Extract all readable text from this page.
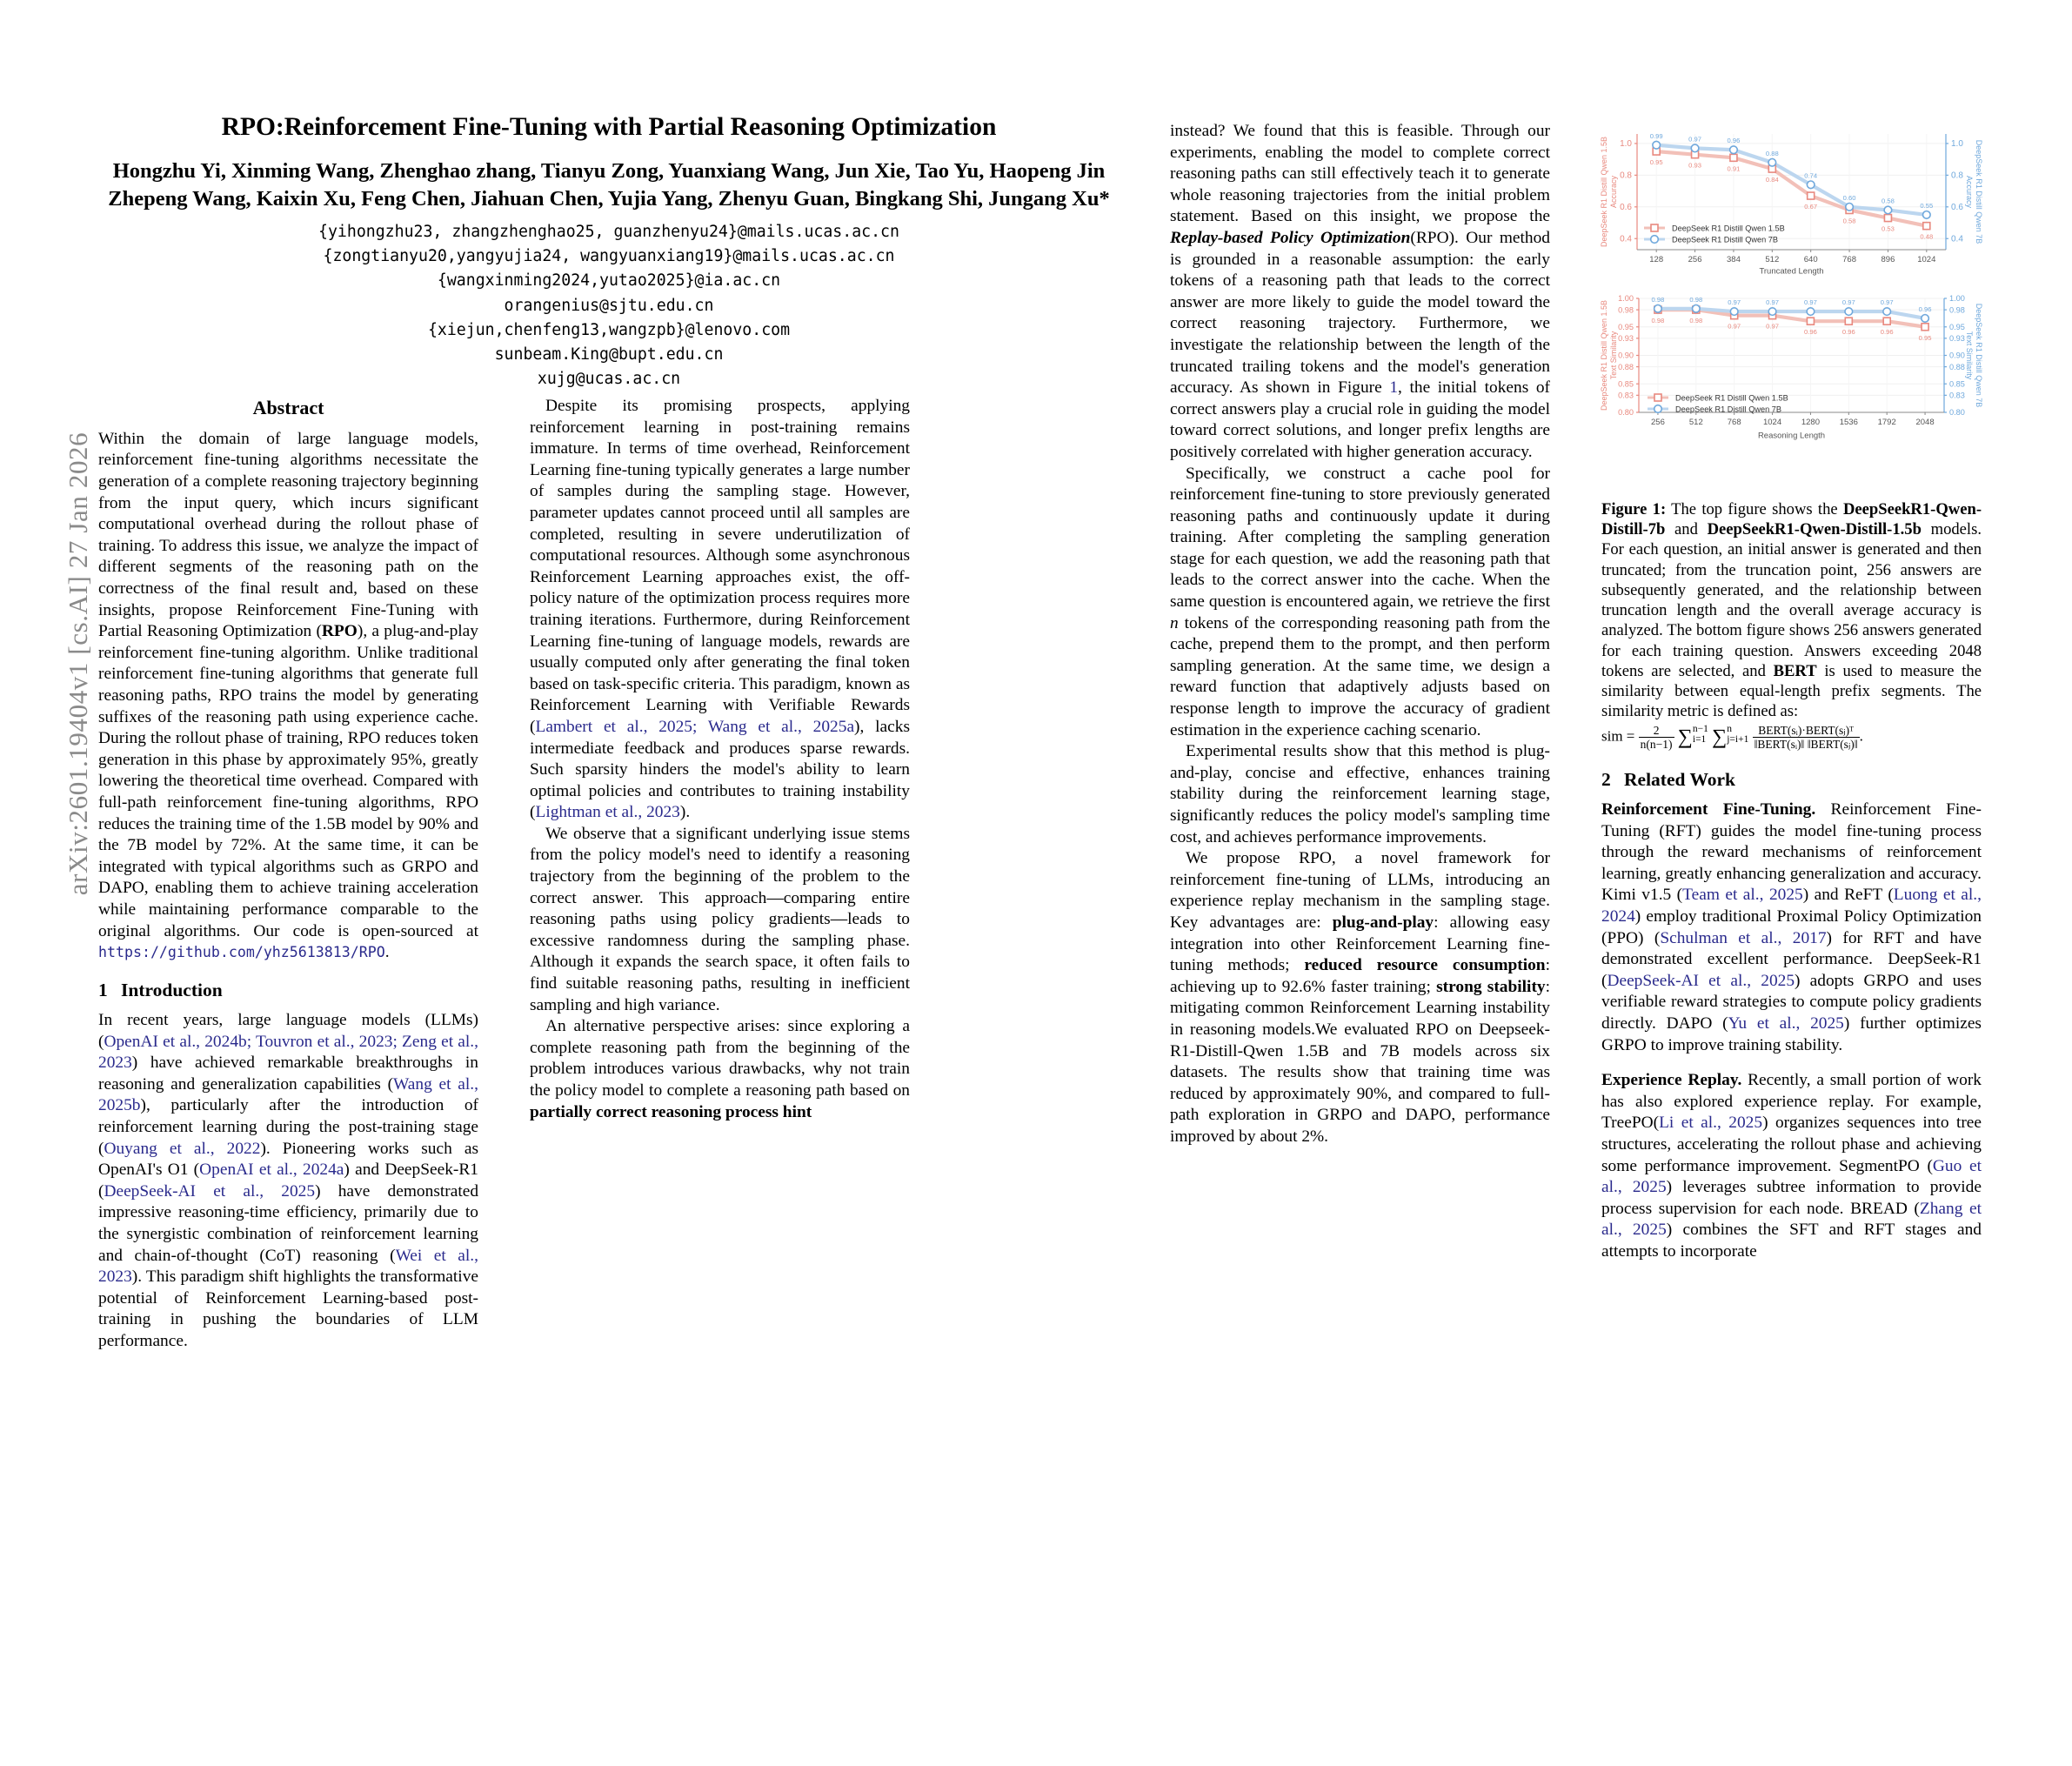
arXiv:2601.19404v1 [cs.AI] 27 Jan 2026
RPO:Reinforcement Fine-Tuning with Partial Reasoning Optimization
Hongzhu Yi, Xinming Wang, Zhenghao zhang, Tianyu Zong, Yuanxiang Wang, Jun Xie, Tao Yu, Haopeng Jin
Zhepeng Wang, Kaixin Xu, Feng Chen, Jiahuan Chen, Yujia Yang, Zhenyu Guan, Bingkang Shi, Jungang Xu*
{yihongzhu23, zhangzhenghao25, guanzhenyu24}@mails.ucas.ac.cn
{zongtianyu20,yangyujia24, wangyuanxiang19}@mails.ucas.ac.cn
{wangxinming2024,yutao2025}@ia.ac.cn
orangenius@sjtu.edu.cn
{xiejun,chenfeng13,wangzpb}@lenovo.com
sunbeam.King@bupt.edu.cn
xujg@ucas.ac.cn
Abstract

Within the domain of large language models, reinforcement fine-tuning algorithms necessitate the generation of a complete reasoning trajectory beginning from the input query, which incurs significant computational overhead during the rollout phase of training. To address this issue, we analyze the impact of different segments of the reasoning path on the correctness of the final result and, based on these insights, propose Reinforcement Fine-Tuning with Partial Reasoning Optimization (RPO), a plug-and-play reinforcement fine-tuning algorithm. Unlike traditional reinforcement fine-tuning algorithms that generate full reasoning paths, RPO trains the model by generating suffixes of the reasoning path using experience cache. During the rollout phase of training, RPO reduces token generation in this phase by approximately 95%, greatly lowering the theoretical time overhead. Compared with full-path reinforcement fine-tuning algorithms, RPO reduces the training time of the 1.5B model by 90% and the 7B model by 72%. At the same time, it can be integrated with typical algorithms such as GRPO and DAPO, enabling them to achieve training acceleration while maintaining performance comparable to the original algorithms. Our code is open-sourced at https://github.com/yhz5613813/RPO.

1 Introduction

In recent years, large language models (LLMs) (OpenAI et al., 2024b; Touvron et al., 2023; Zeng et al., 2023) have achieved remarkable breakthroughs in reasoning and generalization capabilities (Wang et al., 2025b), particularly after the introduction of reinforcement learning during the post-training stage (Ouyang et al., 2022). Pioneering works such as OpenAI's O1 (OpenAI et al., 2024a) and DeepSeek-R1 (DeepSeek-AI et al., 2025) have demonstrated impressive reasoning-time efficiency, primarily due to the synergistic combination of reinforcement learning and chain-of-thought (CoT) reasoning (Wei et al., 2023). This paradigm shift highlights the transformative potential of Reinforcement Learning-based post-training in pushing the boundaries of LLM performance.

Despite its promising prospects, applying reinforcement learning in post-training remains immature. In terms of time overhead, Reinforcement Learning fine-tuning typically generates a large number of samples during the sampling stage. However, parameter updates cannot proceed until all samples are completed, resulting in severe underutilization of computational resources. Although some asynchronous Reinforcement Learning approaches exist, the off-policy nature of the optimization process requires more training iterations. Furthermore, during Reinforcement Learning fine-tuning of language models, rewards are usually computed only after generating the final token based on task-specific criteria. This paradigm, known as Reinforcement Learning with Verifiable Rewards (Lambert et al., 2025; Wang et al., 2025a), lacks intermediate feedback and produces sparse rewards. Such sparsity hinders the model's ability to learn optimal policies and contributes to training instability (Lightman et al., 2023).

We observe that a significant underlying issue stems from the policy model's need to identify a reasoning trajectory from the beginning of the problem to the correct answer. This approach—comparing entire reasoning paths using policy gradients—leads to excessive randomness during the sampling phase. Although it expands the search space, it often fails to find suitable reasoning paths, resulting in inefficient sampling and high variance.

An alternative perspective arises: since exploring a complete reasoning path from the beginning of the problem introduces various drawbacks, why not train the policy model to complete a reasoning path based on partially correct reasoning process hint

instead? We found that this is feasible. Through our experiments, enabling the model to complete correct reasoning paths can still effectively teach it to generate whole reasoning trajectories from the initial problem statement. Based on this insight, we propose the Replay-based Policy Optimization(RPO). Our method is grounded in a reasonable assumption: the early tokens of a reasoning path that leads to the correct answer are more likely to guide the model toward the correct reasoning trajectory. Furthermore, we investigate the relationship between the length of the truncated trailing tokens and the model's generation accuracy. As shown in Figure 1, the initial tokens of correct answers play a crucial role in guiding the model toward correct solutions, and longer prefix lengths are positively correlated with higher generation accuracy.

Specifically, we construct a cache pool for reinforcement fine-tuning to store previously generated reasoning paths and continuously update it during training. After completing the sampling generation stage for each question, we add the reasoning path that leads to the correct answer into the cache. When the same question is encountered again, we retrieve the first n tokens of the corresponding reasoning path from the cache, prepend them to the prompt, and then perform sampling generation. At the same time, we design a reward function that adaptively adjusts based on response length to improve the accuracy of gradient estimation in the experience caching scenario.

Experimental results show that this method is plug-and-play, concise and effective, enhances training stability during the reinforcement learning stage, significantly reduces the policy model's sampling time cost, and achieves performance improvements.

We propose RPO, a novel framework for reinforcement fine-tuning of LLMs, introducing an experience replay mechanism in the sampling stage. Key advantages are: plug-and-play: allowing easy integration into other Reinforcement Learning fine-tuning methods; reduced resource consumption: achieving up to 92.6% faster training; strong stability: mitigating common Reinforcement Learning instability in reasoning models.We evaluated RPO on Deepseek-R1-Distill-Qwen 1.5B and 7B models across six datasets. The results show that training time was reduced by approximately 90%, and compared to full-path exploration in GRPO and DAPO, performance improved by about 2%.

Figure 1: The top figure shows the DeepSeekR1-Qwen-Distill-7b and DeepSeekR1-Qwen-Distill-1.5b models. For each question, an initial answer is generated and then truncated; from the truncation point, 256 answers are subsequently generated, and the relationship between truncation length and the overall average accuracy is analyzed. The bottom figure shows 256 answers generated for each training question. Answers exceeding 2048 tokens are selected, and BERT is used to measure the similarity between equal-length prefix segments. The similarity metric is defined as:
sim = $\frac{2}{n(n-1)} \sum n-1$
i=1 ∑n
$j=i+1 \frac{\text{BERT(sᵢ)·BERT(sⱼ)ᵀ}}{\text{‖BERT(sᵢ)‖ ‖BERT(sⱼ)‖}}$ .

2 Related Work

Reinforcement Fine-Tuning. Reinforcement Fine-Tuning (RFT) guides the model fine-tuning process through the reward mechanisms of reinforcement learning, greatly enhancing generalization and accuracy. Kimi v1.5 (Team et al., 2025) and ReFT (Luong et al., 2024) employ traditional Proximal Policy Optimization (PPO) (Schulman et al., 2017) for RFT and have demonstrated excellent performance. DeepSeek-R1 (DeepSeek-AI et al., 2025) adopts GRPO and uses verifiable reward strategies to compute policy gradients directly. DAPO (Yu et al., 2025) further optimizes GRPO to improve training stability.

Experience Replay. Recently, a small portion of work has also explored experience replay. For example, TreePO(Li et al., 2025) organizes sequences into tree structures, accelerating the rollout phase and achieving some performance improvement. SegmentPO (Guo et al., 2025) leverages subtree information to provide process supervision for each node. BREAD (Zhang et al., 2025) combines the SFT and RFT stages and attempts to incorporate

0.4	0.4
0.6	0.6
0.8	0.8
1.0	1.0
128	256	384	512	640	768	896	1024
Truncated Length
DeepSeek R1 Distill Qwen 1.5B Accuracy	DeepSeek R1 Distill Qwen 7B
Accuracy
0.95	0.93	0.91
0.84
0.67
0.58
0.53
0.48
0.99	0.97	0.96
0.88
0.74
0.60	0.58
0.55
DeepSeek R1 Distill Qwen 1.5B
DeepSeek R1 Distill Qwen 7B
0.80	0.80
0.83	0.83
0.85	0.85
0.88	0.88
0.90	0.90
0.93	0.93
0.95	0.95
0.98	0.98
1.00	1.00
256	512	768	1024 1280 1536 1792 2048
Reasoning Length
DeepSeek R1 Distill Qwen 1.5B Text Similarity	DeepSeek R1 Distill Qwen 7B
Text Similarity
0.98	0.98
0.97	0.97
0.96	0.96	0.96
0.95
0.98	0.98	0.97	0.97	0.97	0.97	0.97
0.96
DeepSeek R1 Distill Qwen 1.5B
DeepSeek R1 Distill Qwen 7B
